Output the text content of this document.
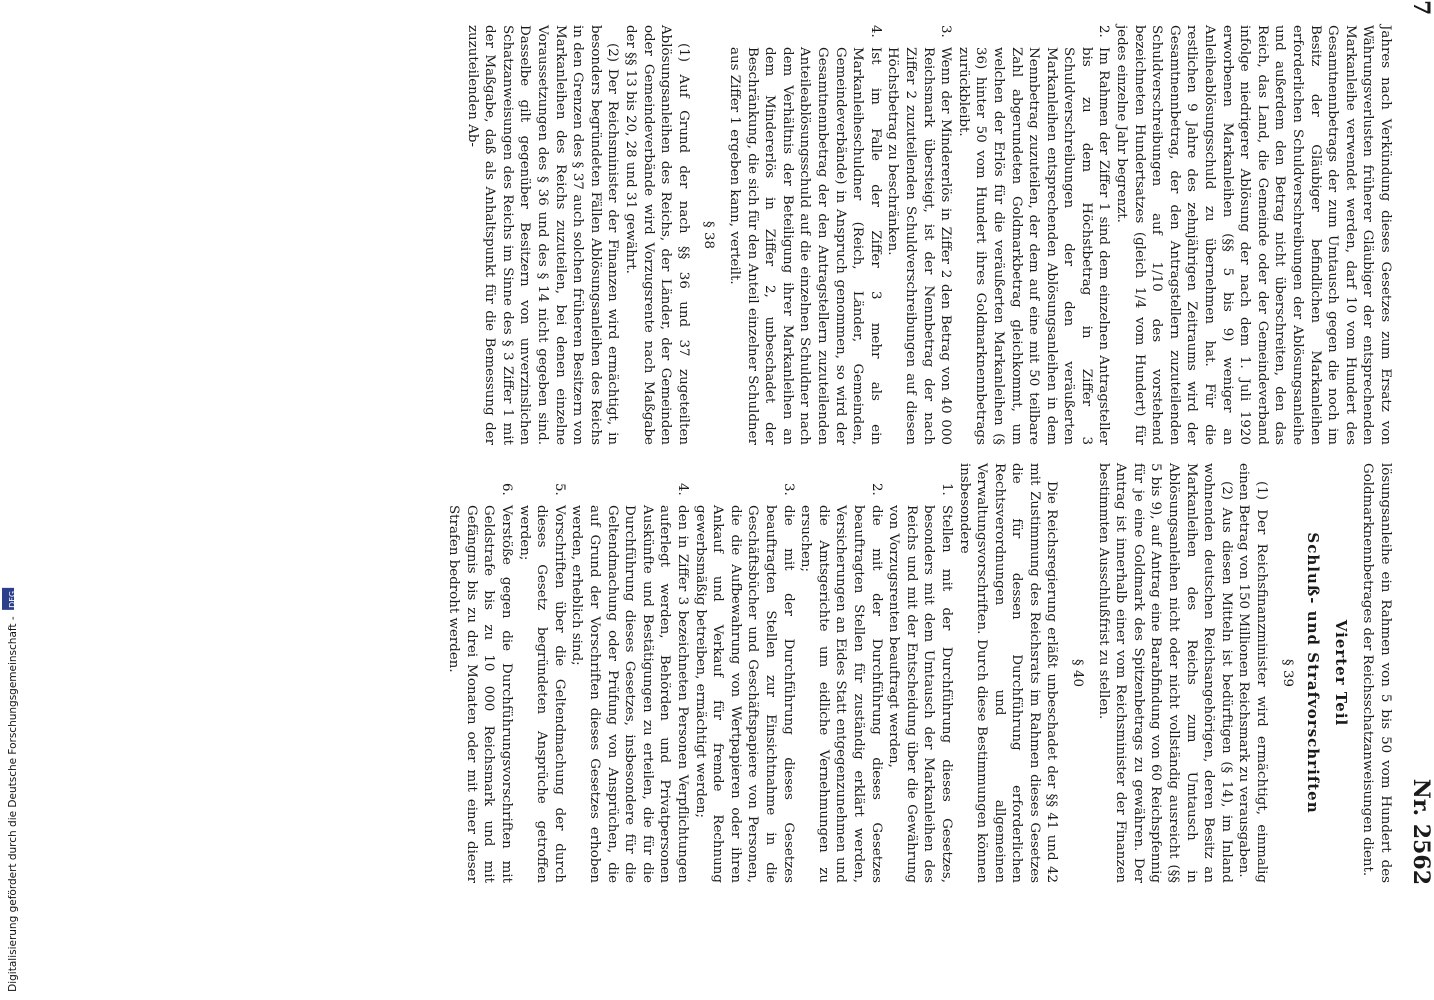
Digitalisierung gefördert durch die Deutsche Forschungsgemeinschaft - DFG
7
Nr. 2562

Jahres nach Verkündung dieses Gesetzes zum Ersatz von Währungsverlusten früherer Gläubiger der entsprechenden Markanleihe verwendet werden, darf 10 vom Hundert des Gesamtnennbetrags der zum Umtausch gegen die noch im Besitz der Gläubiger befindlichen Markanleihen erforderlichen Schuldverschreibungen der Ablösungsanleihe und außerdem den Betrag nicht überschreiten, den das Reich, das Land, die Gemeinde oder der Gemeindeverband infolge niedrigerer Ablösung der nach dem 1. Juli 1920 erworbenen Markanleihen (§§ 5 bis 9) weniger an Anleiheablösungsschuld zu übernehmen hat. Für die restlichen 9 Jahre des zehnjährigen Zeitraums wird der Gesamtnennbetrag, der den Antragstellern zuzuteilenden Schuldverschreibungen auf 1/10 des vorstehend bezeichneten Hundertsatzes (gleich 1/4 vom Hundert) für jedes einzelne Jahr begrenzt.

2.
Im Rahmen der Ziffer 1 sind dem einzelnen Antragsteller bis zu dem Höchstbetrag in Ziffer 3 Schuldverschreibungen der den veräußerten Markanleihen entsprechenden Ablösungsanleihen in dem Nennbetrag zuzuteilen, der dem auf eine mit 50 teilbare Zahl abgerundeten Goldmarkbetrag gleichkommt, um welchen der Erlös für die veräußerten Markanleihen (§ 36) hinter 50 vom Hundert ihres Goldmarknennbetrags zurückbleibt.
3.
Wenn der Mindererlös in Ziffer 2 den Betrag von 40 000 Reichsmark übersteigt, ist der Nennbetrag der nach Ziffer 2 zuzuteilenden Schuldverschreibungen auf diesen Höchstbetrag zu beschränken.
4.
Ist im Falle der Ziffer 3 mehr als ein Markanleiheschuldner (Reich, Länder, Gemeinden, Gemeindeverbände) in Anspruch genommen, so wird der Gesamtnennbetrag der den Antragstellern zuzuteilenden Anteileablösungsschuld auf die einzelnen Schuldner nach dem Verhältnis der Beteiligung ihrer Markanleihen an dem Mindererlös in Ziffer 2, unbeschadet der Beschränkung, die sich für den Anteil einzelner Schuldner aus Ziffer 1 ergeben kann, verteilt.

§ 38

(1) Auf Grund der nach §§ 36 und 37 zugeteilten Ablösungsanleihen des Reichs, der Länder, der Gemeinden oder Gemeindeverbände wird Vorzugsrente nach Maßgabe der §§ 13 bis 20, 28 und 31 gewährt.

(2) Der Reichsminister der Finanzen wird ermächtigt, in besonders begründeten Fällen Ablösungsanleihen des Reichs in den Grenzen des § 37 auch solchen früheren Besitzern von Markanleihen des Reichs zuzuteilen, bei denen einzelne Voraussetzungen des § 36 und des § 14 nicht gegeben sind. Dasselbe gilt gegenüber Besitzern von unverzinslichen Schatzanweisungen des Reichs im Sinne des § 3 Ziffer 1 mit der Maßgabe, daß als Anhaltspunkt für die Bemessung der zuzuteilenden Ab-

lösungsanleihe ein Rahmen von 5 bis 50 vom Hundert des Goldmarknennbetrages der Reichsschatzanweisungen dient.

Vierter Teil

Schluß- und Strafvorschriften

§ 39

(1) Der Reichsfinanzminister wird ermächtigt, einmalig einen Betrag von 150 Millionen Reichsmark zu verausgaben.

(2) Aus diesen Mitteln ist bedürftigen (§ 14), im Inland wohnenden deutschen Reichsangehörigen, deren Besitz an Markanleihen des Reichs zum Umtausch in Ablösungsanleihen nicht oder nicht vollständig ausreicht (§§ 5 bis 9), auf Antrag eine Barabfindung von 60 Reichspfennig für je eine Goldmark des Spitzenbetrags zu gewähren. Der Antrag ist innerhalb einer vom Reichsminister der Finanzen bestimmten Ausschlußfrist zu stellen.

§ 40

Die Reichsregierung erläßt unbeschadet der §§ 41 und 42 mit Zustimmung des Reichsrats im Rahmen dieses Gesetzes die für dessen Durchführung erforderlichen Rechtsverordnungen und allgemeinen Verwaltungsvorschriften. Durch diese Bestimmungen können insbesondere

1.
Stellen mit der Durchführung dieses Gesetzes, besonders mit dem Umtausch der Markanleihen des Reichs und mit der Entscheidung über die Gewährung von Vorzugsrenten beauftragt werden,
2.
die mit der Durchführung dieses Gesetzes beauftragten Stellen für zuständig erklärt werden, Versicherungen an Eides Statt entgegenzunehmen und die Amtsgerichte um eidliche Vernehmungen zu ersuchen;
3.
die mit der Durchführung dieses Gesetzes beauftragten Stellen zur Einsichtnahme in die Geschäftsbücher und Geschäftspapiere von Personen, die die Aufbewahrung von Wertpapieren oder ihren Ankauf und Verkauf für fremde Rechnung gewerbsmäßig betreiben, ermächtigt werden;
4.
den in Ziffer 3 bezeichneten Personen Verpflichtungen auferlegt werden, Behörden und Privatpersonen Auskünfte und Bestätigungen zu erteilen, die für die Durchführung dieses Gesetzes, insbesondere für die Geltendmachung oder Prüfung von Ansprüchen, die auf Grund der Vorschriften dieses Gesetzes erhoben werden, erheblich sind;
5.
Vorschriften über die Geltendmachung der durch dieses Gesetz begründeten Ansprüche getroffen werden;
6.
Verstöße gegen die Durchführungsvorschriften mit Geldstrafe bis zu 10 000 Reichsmark und mit Gefängnis bis zu drei Monaten oder mit einer dieser Strafen bedroht werden.
